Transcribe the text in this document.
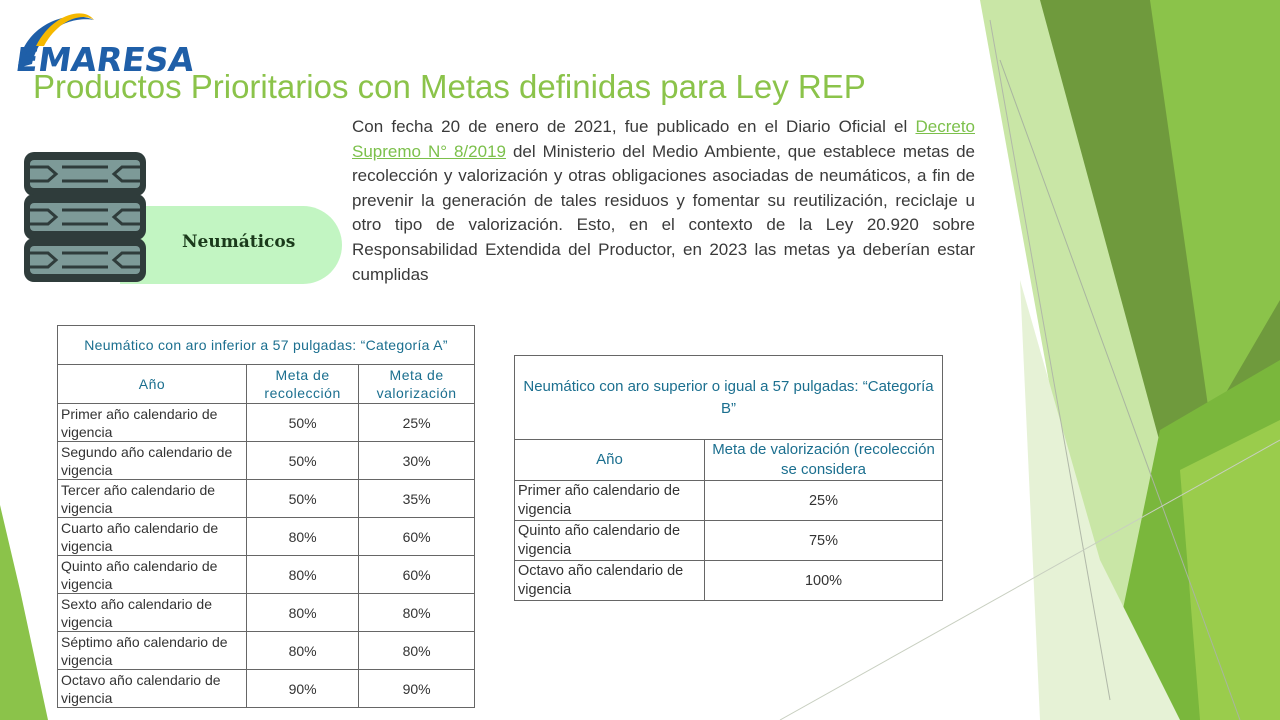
EMARESA
Productos Prioritarios con Metas definidas para Ley REP
Neumáticos

Con fecha 20 de enero de 2021, fue publicado en el Diario Oficial el Decreto Supremo N° 8/2019 del Ministerio del Medio Ambiente, que establece metas de recolección y valorización y otras obligaciones asociadas de neumáticos, a fin de prevenir la generación de tales residuos y fomentar su reutilización, reciclaje u otro tipo de valorización. Esto, en el contexto de la Ley 20.920 sobre Responsabilidad Extendida del Productor, en 2023 las metas ya deberían estar cumplidas

Neumático con aro inferior a 57 pulgadas: “Categoría A”		
Año	Meta de recolección	Meta de valorización
Primer año calendario de vigencia	50%	25%
Segundo año calendario de vigencia	50%	30%
Tercer año calendario de vigencia	50%	35%
Cuarto año calendario de vigencia	80%	60%
Quinto año calendario de vigencia	80%	60%
Sexto año calendario de vigencia	80%	80%
Séptimo año calendario de vigencia	80%	80%
Octavo año calendario de vigencia	90%	90%
Neumático con aro superior o igual a 57 pulgadas: “Categoría B”	
Año	Meta de valorización (recolección se considera
Primer año calendario de vigencia	25%
Quinto año calendario de vigencia	75%
Octavo año calendario de vigencia	100%
